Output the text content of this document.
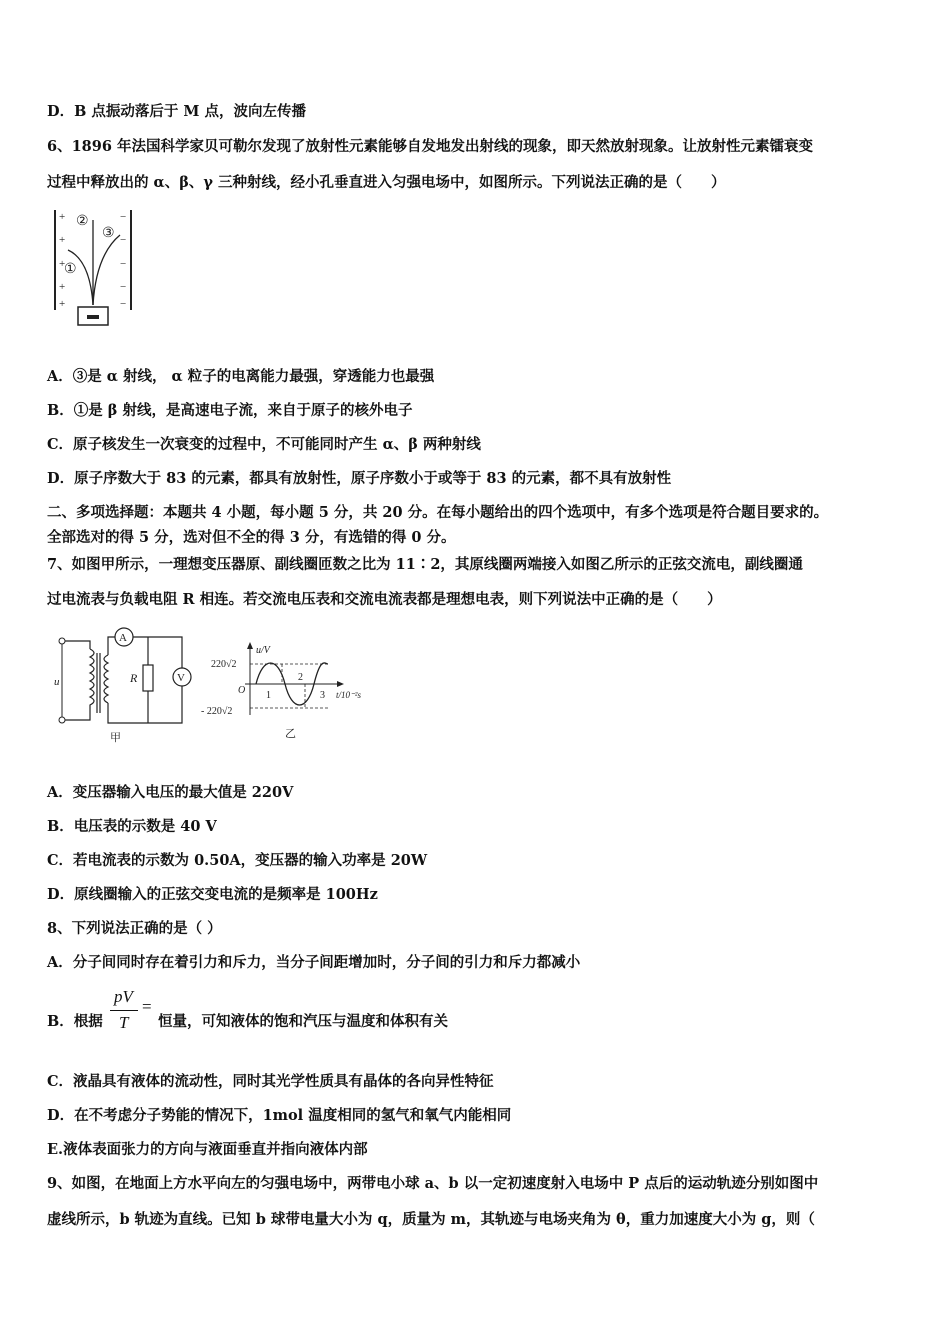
D．B 点振动落后于 M 点，波向左传播
6、1896 年法国科学家贝可勒尔发现了放射性元素能够自发地发出射线的现象，即天然放射现象。让放射性元素镭衰变
过程中释放出的 α、β、γ 三种射线，经小孔垂直进入匀强电场中，如图所示。下列说法正确的是（　　）
+
+
+
+
+
−
−
−
−
−
②
③
①
A．③是 α 射线， α 粒子的电离能力最强，穿透能力也最强
B．①是 β 射线，是高速电子流，来自于原子的核外电子
C．原子核发生一次衰变的过程中，不可能同时产生 α、β 两种射线
D．原子序数大于 83 的元素，都具有放射性，原子序数小于或等于 83 的元素，都不具有放射性
二、多项选择题：本题共 4 小题，每小题 5 分，共 20 分。在每小题给出的四个选项中，有多个选项是符合题目要求的。
全部选对的得 5 分，选对但不全的得 3 分，有选错的得 0 分。
7、如图甲所示，一理想变压器原、副线圈匝数之比为 11∶2，其原线圈两端接入如图乙所示的正弦交流电，副线圈通
过电流表与负载电阻 R 相连。若交流电压表和交流电流表都是理想电表，则下列说法中正确的是（　　）
u
A
R	V
甲
u/V
220√2
- 220√2
O 1
2
3 t/10⁻²s
乙
A．变压器输入电压的最大值是 220V
B．电压表的示数是 40 V
C．若电流表的示数为 0.50A，变压器的输入功率是 20W
D．原线圈输入的正弦交变电流的是频率是 100Hz
8、下列说法正确的是（ ）
A．分子间同时存在着引力和斥力，当分子间距增加时，分子间的引力和斥力都减小
B．根据
pV
T
=
恒量，可知液体的饱和汽压与温度和体积有关
C．液晶具有液体的流动性，同时其光学性质具有晶体的各向异性特征
D．在不考虑分子势能的情况下，1mol 温度相同的氢气和氧气内能相同
E.液体表面张力的方向与液面垂直并指向液体内部
9、如图，在地面上方水平向左的匀强电场中，两带电小球 a、b 以一定初速度射入电场中 P 点后的运动轨迹分别如图中
虚线所示，b 轨迹为直线。已知 b 球带电量大小为 q，质量为 m，其轨迹与电场夹角为 θ，重力加速度大小为 g，则（
